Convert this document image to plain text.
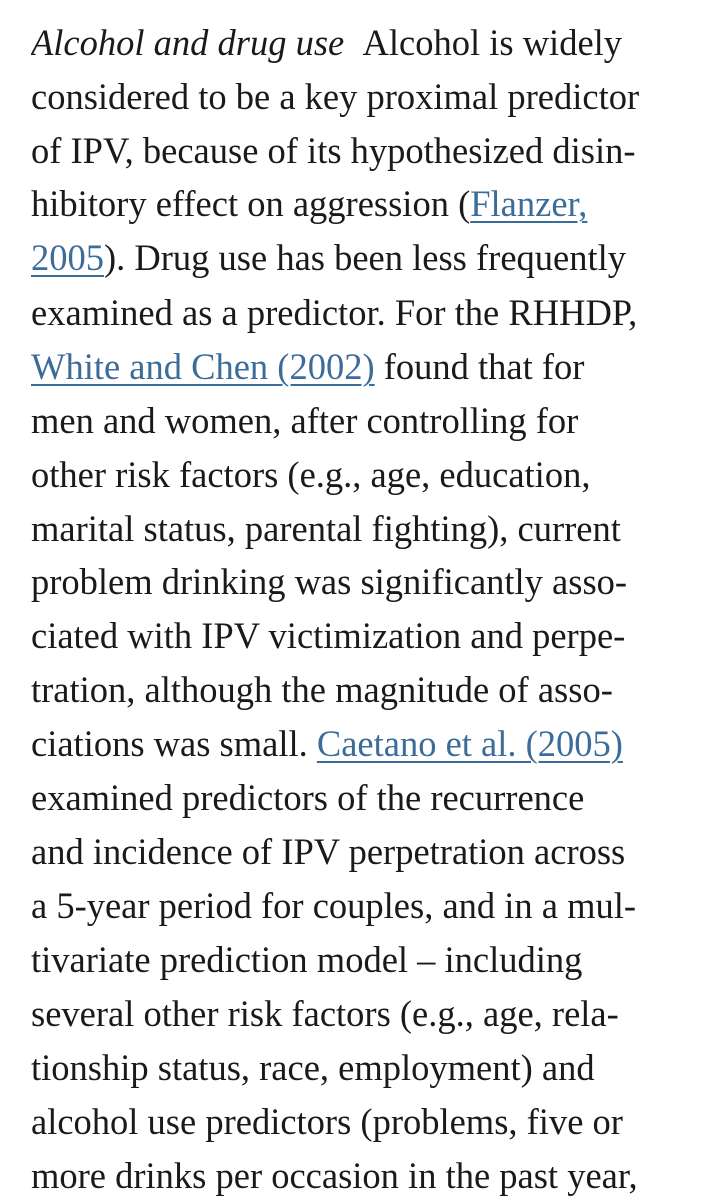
Alcohol and drug use Alcohol is widely
considered to be a key proximal predictor
of IPV, because of its hypothesized disin-
hibitory effect on aggression (Flanzer,
2005). Drug use has been less frequently
examined as a predictor. For the RHHDP,
White and Chen (2002) found that for
men and women, after controlling for
other risk factors (e.g., age, education,
marital status, parental fighting), current
problem drinking was significantly asso-
ciated with IPV victimization and perpe-
tration, although the magnitude of asso-
ciations was small. Caetano et al. (2005)
examined predictors of the recurrence
and incidence of IPV perpetration across
a 5-year period for couples, and in a mul-
tivariate prediction model – including
several other risk factors (e.g., age, rela-
tionship status, race, employment) and
alcohol use predictors (problems, five or
more drinks per occasion in the past year,
